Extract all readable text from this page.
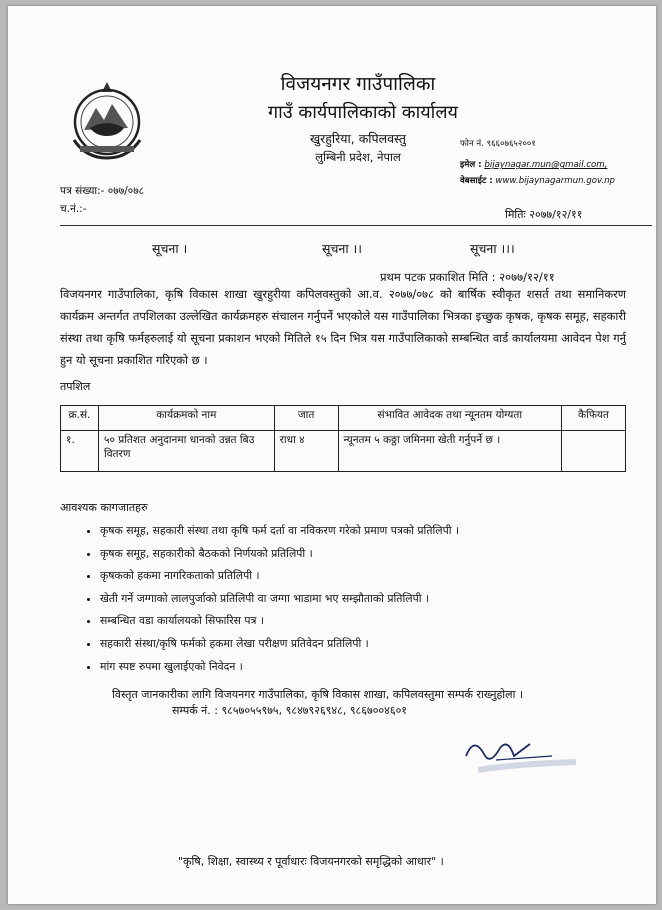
विजयनगर गाउँपालिका
गाउँ कार्यपालिकाको कार्यालय
खुरहुरिया, कपिलवस्तु
लुम्बिनी प्रदेश, नेपाल
फोन नं. ९६६०७६५२००१
इमेल : bijaynagar.mun@gmail.com,
वेबसाईट : www.bijaynagarmun.gov.np
पत्र संख्या:- ०७७/०७८
च.नं.:-	मितिः २०७७/१२/११
सूचना ।	सूचना ।।	सूचना ।।।
प्रथम पटक प्रकाशित मिति : २०७७/१२/११
विजयनगर गाउँपालिका, कृषि विकास शाखा खुरहुरीया कपिलवस्तुको आ.व. २०७७/०७८ को बार्षिक स्वीकृत शसर्त तथा समानिकरण कार्यक्रम अन्तर्गत तपशिलका उल्लेखित कार्यक्रमहरु संचालन गर्नुपर्ने भएकोले यस गाउँपालिका भित्रका इच्छुक कृषक, कृषक समूह, सहकारी संस्था तथा कृषि फर्महरुलाई यो सूचना प्रकाशन भएको मितिले १५ दिन भित्र यस गाउँपालिकाको सम्बन्धित वार्ड कार्यालयमा आवेदन पेश गर्नु हुन यो सूचना प्रकाशित गरिएको छ ।
तपशिल
क्र.सं.	कार्यक्रमको नाम	जात	संभावित आवेदक तथा न्यूनतम योग्यता	कैफियत
१.	५० प्रतिशत अनुदानमा धानको उन्नत बिउ वितरण	राधा ४	न्यूनतम ५ कठ्ठा जमिनमा खेती गर्नुपर्ने छ ।	
आवश्यक कागजातहरु
• कृषक समूह, सहकारी संस्था तथा कृषि फर्म दर्ता वा नविकरण गरेको प्रमाण पत्रको प्रतिलिपी ।
• कृषक समूह, सहकारीको बैठकको निर्णयको प्रतिलिपी ।
• कृषकको हकमा नागरिकताको प्रतिलिपी ।
• खेती गर्ने जग्गाको लालपुर्जाको प्रतिलिपी वा जग्गा भाडामा भए सम्झौताको प्रतिलिपी ।
• सम्बन्धित वडा कार्यालयको सिफारिस पत्र ।
• सहकारी संस्था/कृषि फर्मको हकमा लेखा परीक्षण प्रतिवेदन प्रतिलिपी ।
• मांग स्पष्ट रुपमा खुलाईएको निवेदन ।
विस्तृत जानकारीका लागि विजयनगर गाउँपालिका, कृषि विकास शाखा, कपिलवस्तुमा सम्पर्क राख्नुहोला ।
सम्पर्क नं. : ९८५७०५५९७५, ९८४७९२६९४८, ९८६७००४६०१
"कृषि, शिक्षा, स्वास्थ्य र पूर्वाधारः विजयनगरको समृद्धिको आधार" ।
